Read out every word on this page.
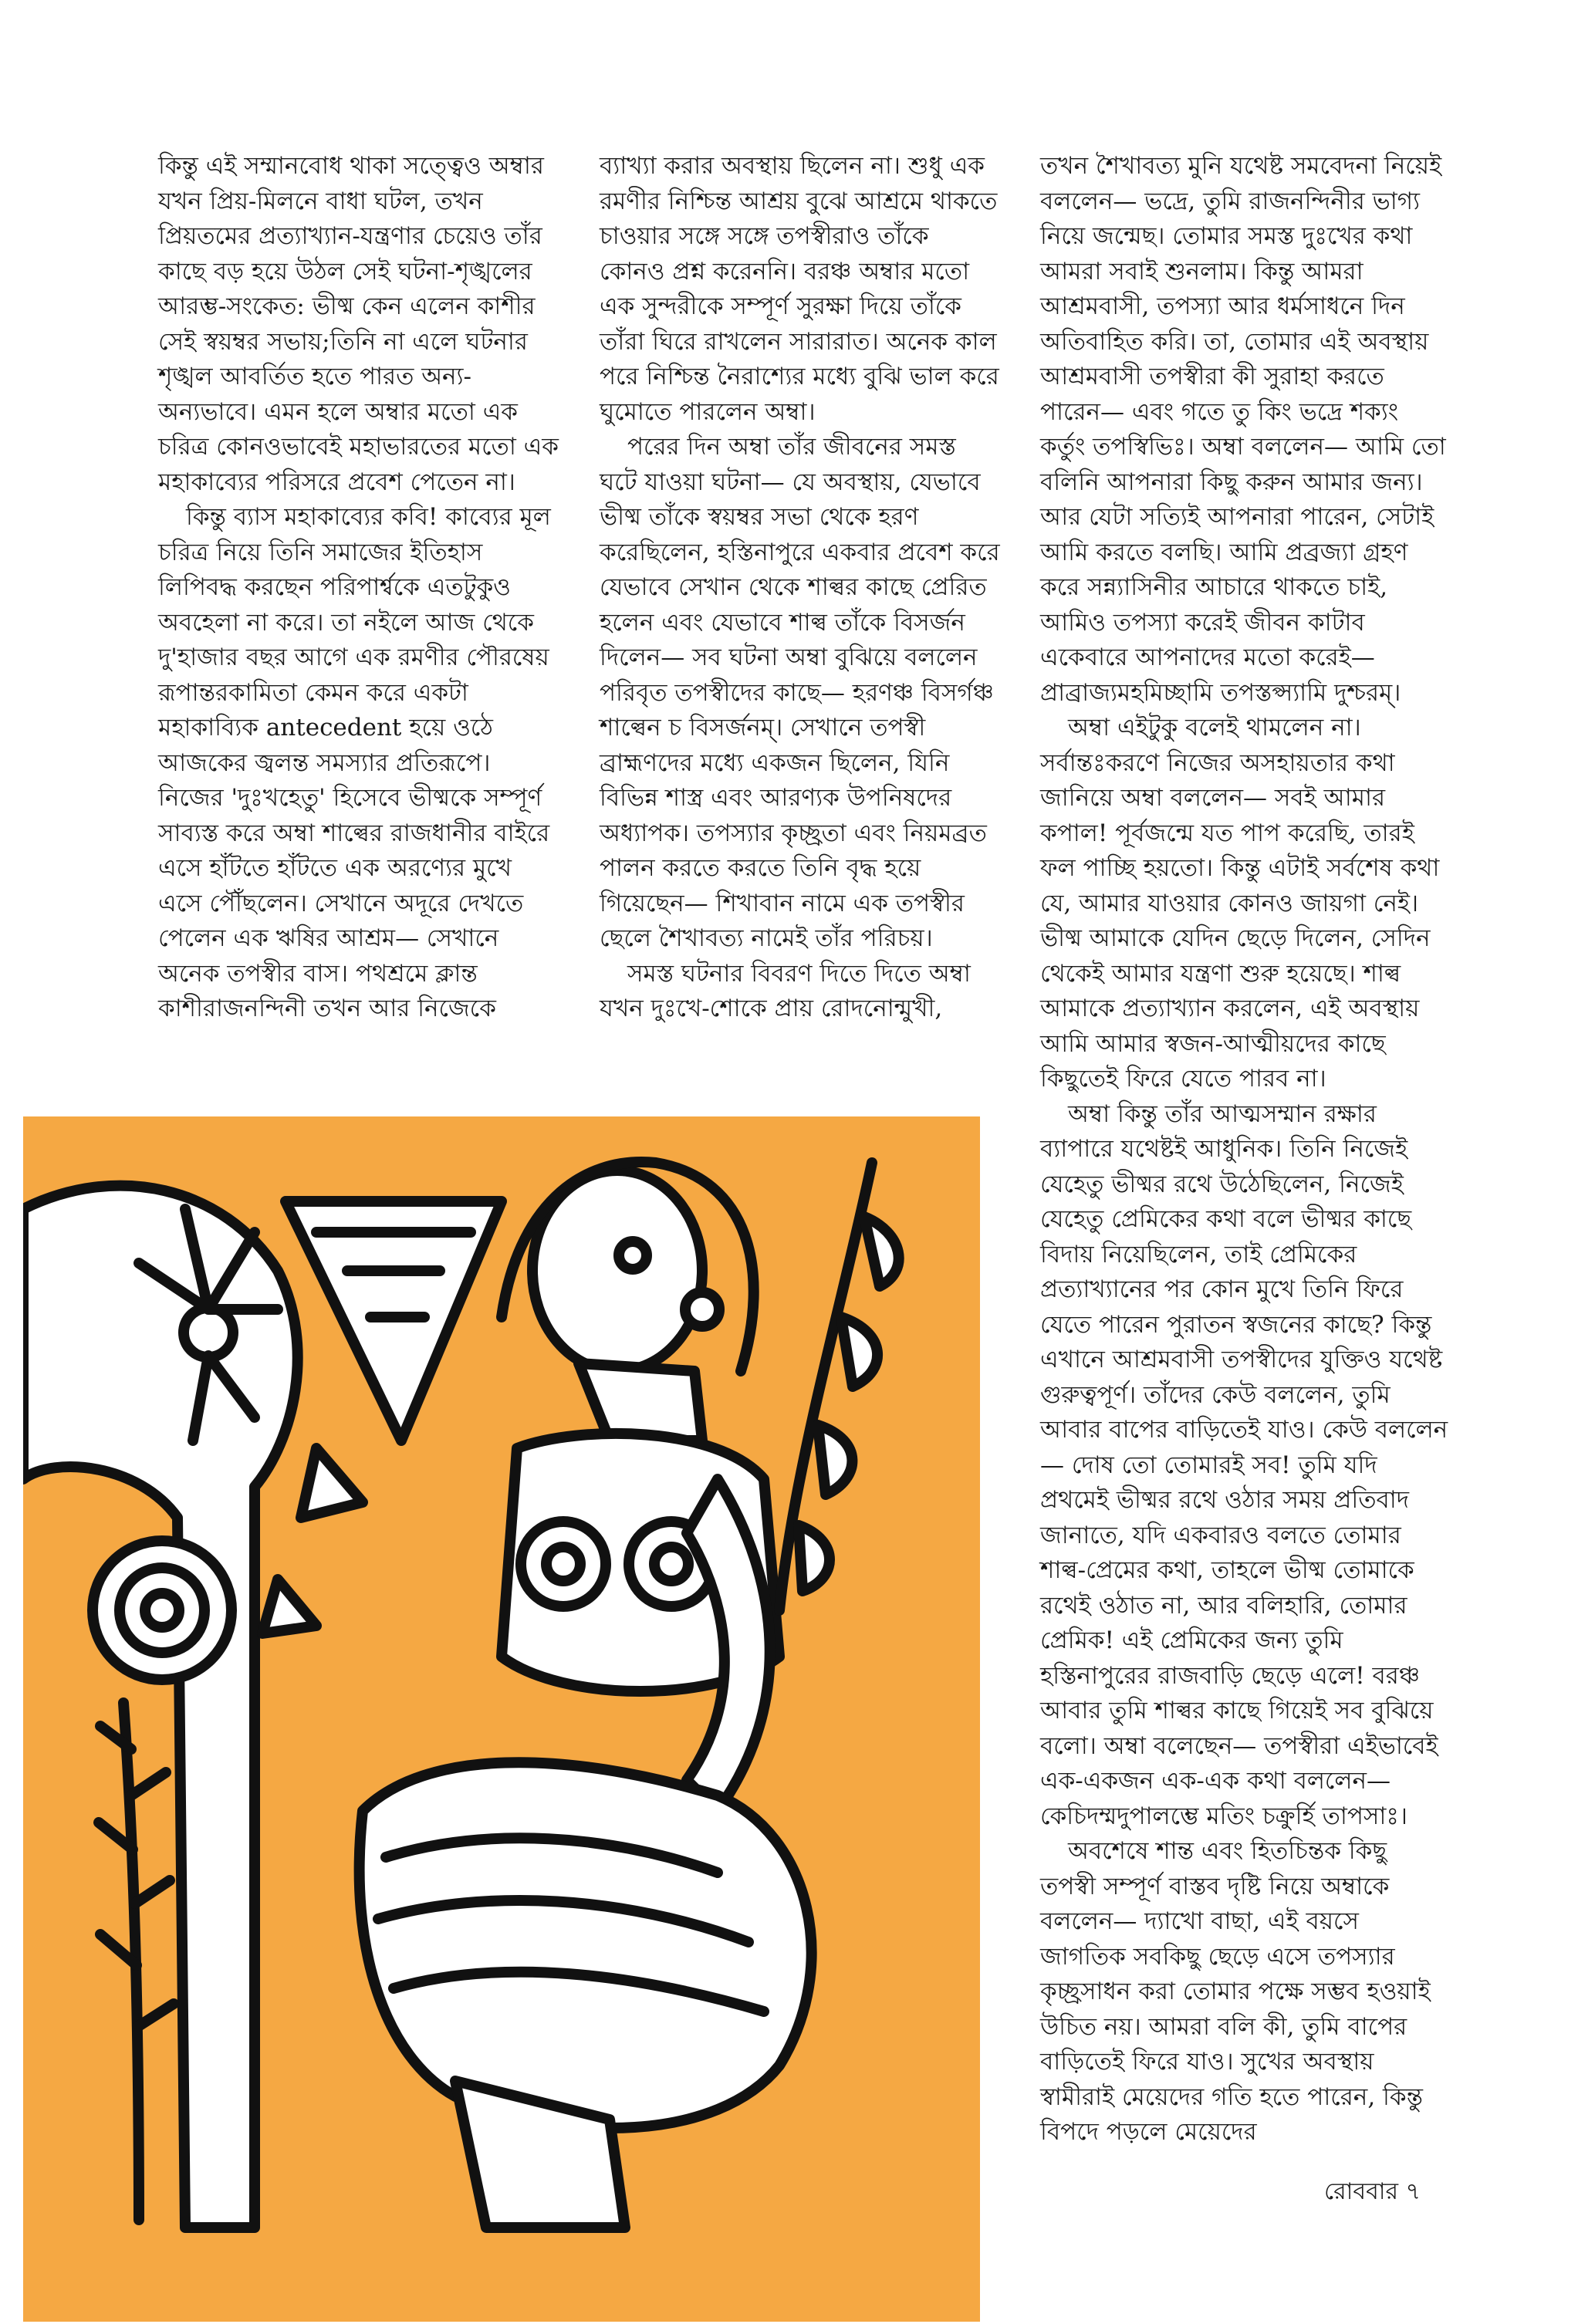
কিন্তু এই সম্মানবোধ থাকা সত্ত্বেও অম্বার যখন প্রিয়-মিলনে বাধা ঘটল, তখন প্রিয়তমের প্রত্যাখ্যান-যন্ত্রণার চেয়েও তাঁর কাছে বড় হয়ে উঠল সেই ঘটনা-শৃঙ্খলের আরম্ভ-সংকেত: ভীষ্ম কেন এলেন কাশীর সেই স্বয়ম্বর সভায়;তিনি না এলে ঘটনার শৃঙ্খল আবর্তিত হতে পারত অন্য-অন্যভাবে। এমন হলে অম্বার মতো এক চরিত্র কোনওভাবেই মহাভারতের মতো এক মহাকাব্যের পরিসরে প্রবেশ পেতেন না।

কিন্তু ব্যাস মহাকাব্যের কবি! কাব্যের মূল চরিত্র নিয়ে তিনি সমাজের ইতিহাস লিপিবদ্ধ করছেন পরিপার্শ্বকে এতটুকুও অবহেলা না করে। তা নইলে আজ থেকে দু'হাজার বছর আগে এক রমণীর পৌরষেয় রূপান্তরকামিতা কেমন করে একটা মহাকাব্যিক antecedent হয়ে ওঠে আজকের জ্বলন্ত সমস্যার প্রতিরূপে। নিজের 'দুঃখহেতু' হিসেবে ভীষ্মকে সম্পূর্ণ সাব্যস্ত করে অম্বা শাল্বের রাজধানীর বাইরে এসে হাঁটতে হাঁটতে এক অরণ্যের মুখে এসে পৌঁছলেন। সেখানে অদূরে দেখতে পেলেন এক ঋষির আশ্রম— সেখানে অনেক তপস্বীর বাস। পথশ্রমে ক্লান্ত কাশীরাজনন্দিনী তখন আর নিজেকে

ব্যাখ্যা করার অবস্থায় ছিলেন না। শুধু এক রমণীর নিশ্চিন্ত আশ্রয় বুঝে আশ্রমে থাকতে চাওয়ার সঙ্গে সঙ্গে তপস্বীরাও তাঁকে কোনও প্রশ্ন করেননি। বরঞ্চ অম্বার মতো এক সুন্দরীকে সম্পূর্ণ সুরক্ষা দিয়ে তাঁকে তাঁরা ঘিরে রাখলেন সারারাত। অনেক কাল পরে নিশ্চিন্ত নৈরাশ্যের মধ্যে বুঝি ভাল করে ঘুমোতে পারলেন অম্বা।

পরের দিন অম্বা তাঁর জীবনের সমস্ত ঘটে যাওয়া ঘটনা— যে অবস্থায়, যেভাবে ভীষ্ম তাঁকে স্বয়ম্বর সভা থেকে হরণ করেছিলেন, হস্তিনাপুরে একবার প্রবেশ করে যেভাবে সেখান থেকে শাল্বর কাছে প্রেরিত হলেন এবং যেভাবে শাল্ব তাঁকে বিসর্জন দিলেন— সব ঘটনা অম্বা বুঝিয়ে বললেন পরিবৃত তপস্বীদের কাছে— হরণঞ্চ বিসর্গঞ্চ শাল্বেন চ বিসর্জনম্। সেখানে তপস্বী ব্রাহ্মণদের মধ্যে একজন ছিলেন, যিনি বিভিন্ন শাস্ত্র এবং আরণ্যক উপনিষদের অধ্যাপক। তপস্যার কৃচ্ছ্রতা এবং নিয়মব্রত পালন করতে করতে তিনি বৃদ্ধ হয়ে গিয়েছেন— শিখাবান নামে এক তপস্বীর ছেলে শৈখাবত্য নামেই তাঁর পরিচয়।

সমস্ত ঘটনার বিবরণ দিতে দিতে অম্বা যখন দুঃখে-শোকে প্রায় রোদনোন্মুখী,

তখন শৈখাবত্য মুনি যথেষ্ট সমবেদনা নিয়েই বললেন— ভদ্রে, তুমি রাজনন্দিনীর ভাগ্য নিয়ে জন্মেছ। তোমার সমস্ত দুঃখের কথা আমরা সবাই শুনলাম। কিন্তু আমরা আশ্রমবাসী, তপস্যা আর ধর্মসাধনে দিন অতিবাহিত করি। তা, তোমার এই অবস্থায় আশ্রমবাসী তপস্বীরা কী সুরাহা করতে পারেন— এবং গতে তু কিং ভদ্রে শক্যং কর্তুং তপস্বিভিঃ। অম্বা বললেন— আমি তো বলিনি আপনারা কিছু করুন আমার জন্য। আর যেটা সত্যিই আপনারা পারেন, সেটাই আমি করতে বলছি। আমি প্রব্রজ্যা গ্রহণ করে সন্ন্যাসিনীর আচারে থাকতে চাই, আমিও তপস্যা করেই জীবন কাটাব একেবারে আপনাদের মতো করেই— প্রাব্রাজ্যমহমিচ্ছামি তপস্তপ্স্যামি দুশ্চরম্।

অম্বা এইটুকু বলেই থামলেন না। সর্বান্তঃকরণে নিজের অসহায়তার কথা জানিয়ে অম্বা বললেন— সবই আমার কপাল! পূর্বজন্মে যত পাপ করেছি, তারই ফল পাচ্ছি হয়তো। কিন্তু এটাই সর্বশেষ কথা যে, আমার যাওয়ার কোনও জায়গা নেই। ভীষ্ম আমাকে যেদিন ছেড়ে দিলেন, সেদিন থেকেই আমার যন্ত্রণা শুরু হয়েছে। শাল্ব আমাকে প্রত্যাখ্যান করলেন, এই অবস্থায় আমি আমার স্বজন-আত্মীয়দের কাছে কিছুতেই ফিরে যেতে পারব না।

অম্বা কিন্তু তাঁর আত্মসম্মান রক্ষার ব্যাপারে যথেষ্টই আধুনিক। তিনি নিজেই যেহেতু ভীষ্মর রথে উঠেছিলেন, নিজেই যেহেতু প্রেমিকের কথা বলে ভীষ্মর কাছে বিদায় নিয়েছিলেন, তাই প্রেমিকের প্রত্যাখ্যানের পর কোন মুখে তিনি ফিরে যেতে পারেন পুরাতন স্বজনের কাছে? কিন্তু এখানে আশ্রমবাসী তপস্বীদের যুক্তিও যথেষ্ট গুরুত্বপূর্ণ। তাঁদের কেউ বললেন, তুমি আবার বাপের বাড়িতেই যাও। কেউ বললেন— দোষ তো তোমারই সব! তুমি যদি প্রথমেই ভীষ্মর রথে ওঠার সময় প্রতিবাদ জানাতে, যদি একবারও বলতে তোমার শাল্ব-প্রেমের কথা, তাহলে ভীষ্ম তোমাকে রথেই ওঠাত না, আর বলিহারি, তোমার প্রেমিক! এই প্রেমিকের জন্য তুমি হস্তিনাপুরের রাজবাড়ি ছেড়ে এলে! বরঞ্চ আবার তুমি শাল্বর কাছে গিয়েই সব বুঝিয়ে বলো। অম্বা বলেছেন— তপস্বীরা এইভাবেই এক-একজন এক-এক কথা বললেন— কেচিদম্মদুপালম্ভে মতিং চক্রুর্হি তাপসাঃ।

অবশেষে শান্ত এবং হিতচিন্তক কিছু তপস্বী সম্পূর্ণ বাস্তব দৃষ্টি নিয়ে অম্বাকে বললেন— দ্যাখো বাছা, এই বয়সে জাগতিক সবকিছু ছেড়ে এসে তপস্যার কৃচ্ছ্রসাধন করা তোমার পক্ষে সম্ভব হওয়াই উচিত নয়। আমরা বলি কী, তুমি বাপের বাড়িতেই ফিরে যাও। সুখের অবস্থায় স্বামীরাই মেয়েদের গতি হতে পারেন, কিন্তু বিপদে পড়লে মেয়েদের

রোববার ৭
